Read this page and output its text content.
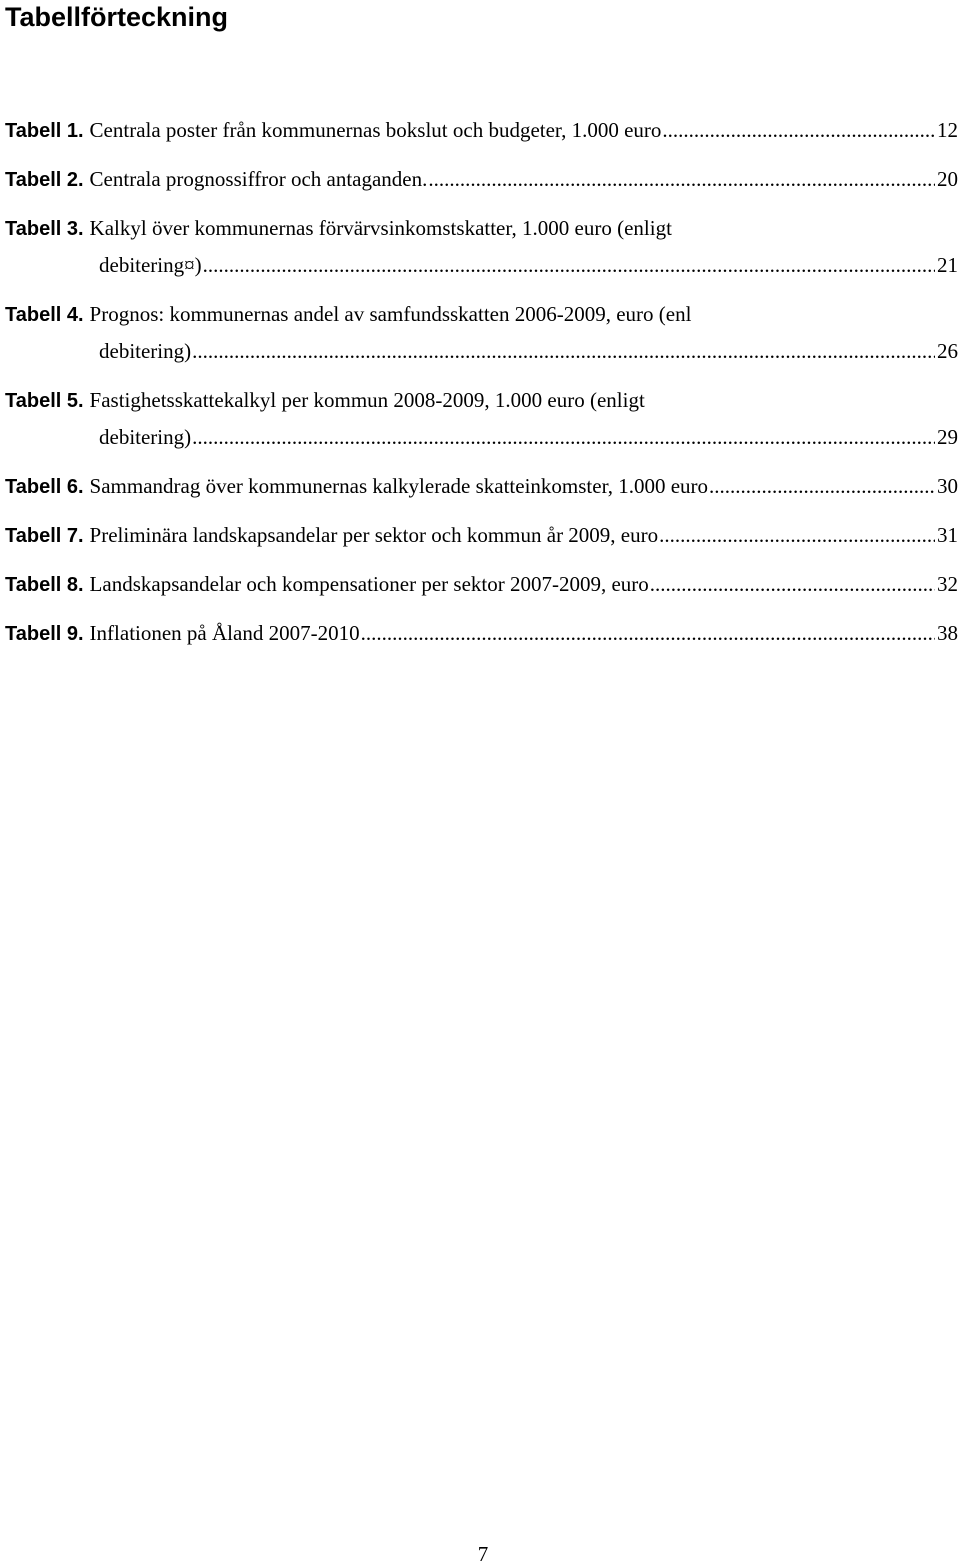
Tabellförteckning
Tabell 1. Centrala poster från kommunernas bokslut och budgeter, 1.000 euro .....	12
Tabell 2. Centrala prognossiffror och antaganden. .....	20
Tabell 3. Kalkyl över kommunernas förvärvsinkomstskatter, 1.000 euro (enligt
debitering¤) .....	21
Tabell 4. Prognos: kommunernas andel av samfundsskatten 2006-2009, euro (enl
debitering) .....	26
Tabell 5. Fastighetsskattekalkyl per kommun 2008-2009, 1.000 euro (enligt
debitering) .....	29
Tabell 6. Sammandrag över kommunernas kalkylerade skatteinkomster, 1.000 euro .....	30
Tabell 7. Preliminära landskapsandelar per sektor och kommun år 2009, euro .....	31
Tabell 8. Landskapsandelar och kompensationer per sektor 2007-2009, euro .....	32
Tabell 9. Inflationen på Åland 2007-2010 .....	38
7
